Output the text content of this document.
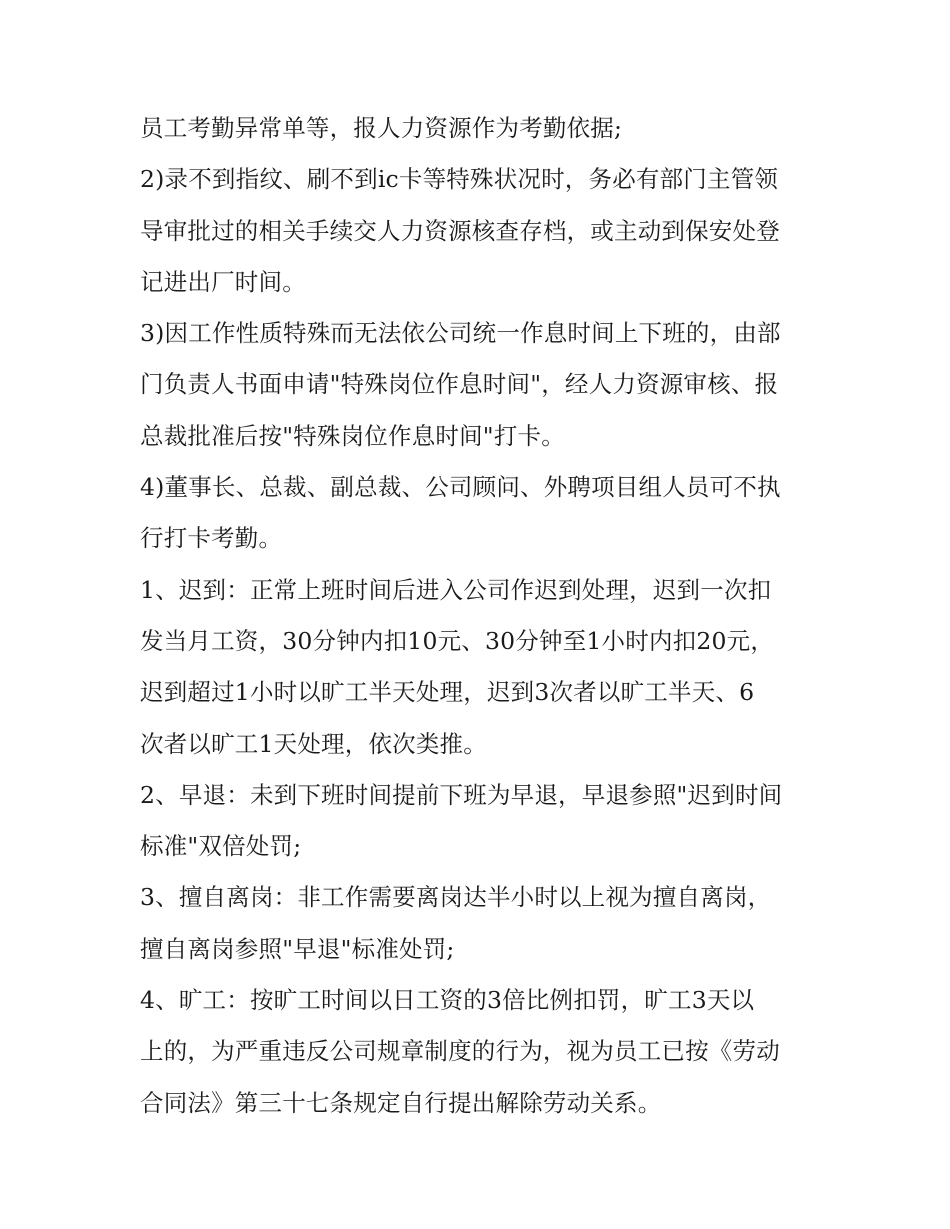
员工考勤异常单等，报人力资源作为考勤依据;

2)录不到指纹、刷不到ic卡等特殊状况时，务必有部门主管领

导审批过的相关手续交人力资源核查存档，或主动到保安处登

记进出厂时间。

3)因工作性质特殊而无法依公司统一作息时间上下班的，由部

门负责人书面申请"特殊岗位作息时间"，经人力资源审核、报

总裁批准后按"特殊岗位作息时间"打卡。

4)董事长、总裁、副总裁、公司顾问、外聘项目组人员可不执

行打卡考勤。

1、迟到：正常上班时间后进入公司作迟到处理，迟到一次扣

发当月工资，30分钟内扣10元、30分钟至1小时内扣20元，

迟到超过1小时以旷工半天处理，迟到3次者以旷工半天、6

次者以旷工1天处理，依次类推。

2、早退：未到下班时间提前下班为早退，早退参照"迟到时间

标准"双倍处罚;

3、擅自离岗：非工作需要离岗达半小时以上视为擅自离岗，

擅自离岗参照"早退"标准处罚;

4、旷工：按旷工时间以日工资的3倍比例扣罚，旷工3天以

上的，为严重违反公司规章制度的行为，视为员工已按《劳动

合同法》第三十七条规定自行提出解除劳动关系。
